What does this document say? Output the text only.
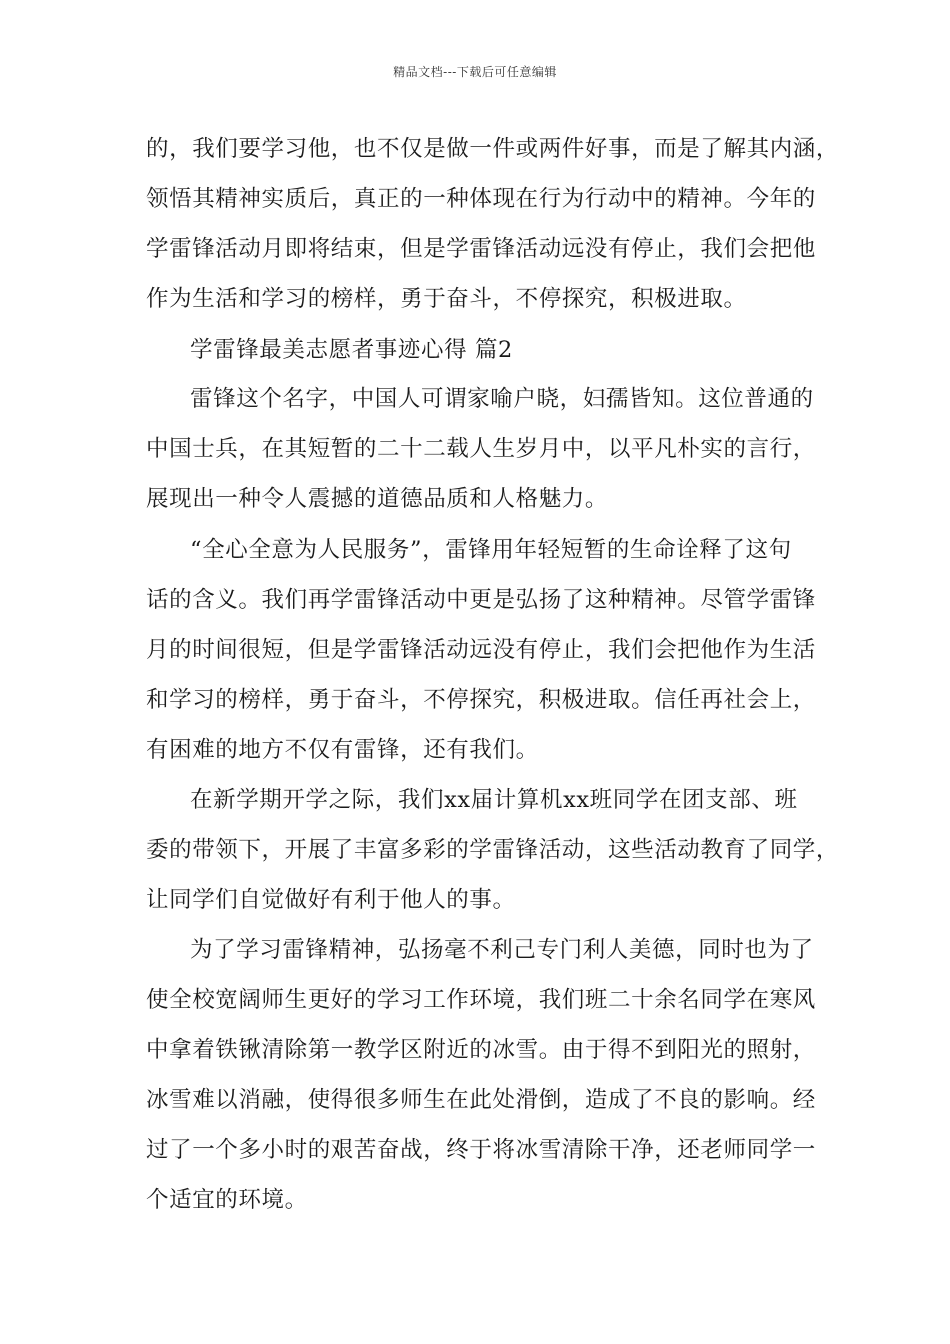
精品文档---下载后可任意编辑
的，我们要学习他，也不仅是做一件或两件好事，而是了解其内涵，
领悟其精神实质后，真正的一种体现在行为行动中的精神。今年的
学雷锋活动月即将结束，但是学雷锋活动远没有停止，我们会把他
作为生活和学习的榜样，勇于奋斗，不停探究，积极进取。
学雷锋最美志愿者事迹心得 篇2
雷锋这个名字，中国人可谓家喻户晓，妇孺皆知。这位普通的
中国士兵，在其短暂的二十二载人生岁月中，以平凡朴实的言行，
展现出一种令人震撼的道德品质和人格魅力。
“全心全意为人民服务”，雷锋用年轻短暂的生命诠释了这句
话的含义。我们再学雷锋活动中更是弘扬了这种精神。尽管学雷锋
月的时间很短，但是学雷锋活动远没有停止，我们会把他作为生活
和学习的榜样，勇于奋斗，不停探究，积极进取。信任再社会上，
有困难的地方不仅有雷锋，还有我们。
在新学期开学之际，我们xx届计算机xx班同学在团支部、班
委的带领下，开展了丰富多彩的学雷锋活动，这些活动教育了同学，
让同学们自觉做好有利于他人的事。
为了学习雷锋精神，弘扬毫不利己专门利人美德，同时也为了
使全校宽阔师生更好的学习工作环境，我们班二十余名同学在寒风
中拿着铁锹清除第一教学区附近的冰雪。由于得不到阳光的照射，
冰雪难以消融，使得很多师生在此处滑倒，造成了不良的影响。经
过了一个多小时的艰苦奋战，终于将冰雪清除干净，还老师同学一
个适宜的环境。
